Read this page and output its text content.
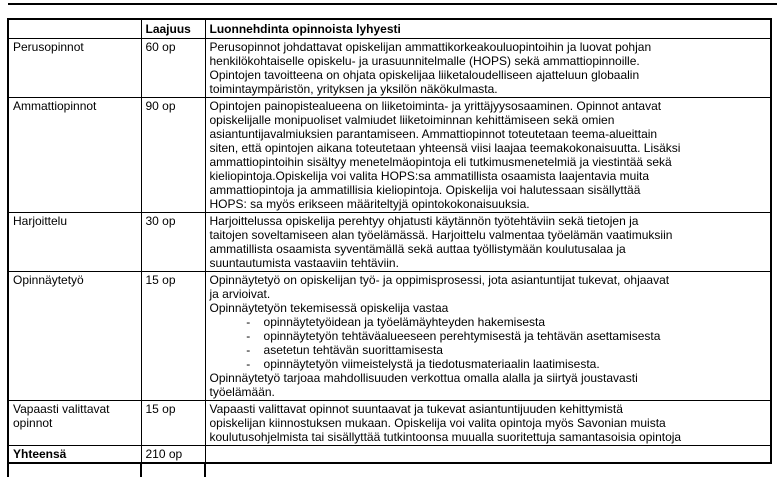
	Laajuus	Luonnehdinta opinnoista lyhyesti
Perusopinnot	60 op	Perusopinnot johdattavat opiskelijan ammattikorkeakouluopintoihin ja luovat pohjan
henkilökohtaiselle opiskelu- ja urasuunnitelmalle (HOPS) sekä ammattiopinnoille.
Opintojen tavoitteena on ohjata opiskelijaa liiketaloudelliseen ajatteluun globaalin
toimintaympäristön, yrityksen ja yksilön näkökulmasta.

Ammattiopinnot	90 op	Opintojen painopistealueena on liiketoiminta- ja yrittäjyysosaaminen. Opinnot antavat
opiskelijalle monipuoliset valmiudet liiketoiminnan kehittämiseen sekä omien
asiantuntijavalmiuksien parantamiseen. Ammattiopinnot toteutetaan teema-alueittain
siten, että opintojen aikana toteutetaan yhteensä viisi laajaa teemakokonaisuutta. Lisäksi
ammattiopintoihin sisältyy menetelmäopintoja eli tutkimusmenetelmiä ja viestintää sekä
kieliopintoja.Opiskelija voi valita HOPS:sa ammatillista osaamista laajentavia muita
ammattiopintoja ja ammatillisia kieliopintoja. Opiskelija voi halutessaan sisällyttää
HOPS: sa myös erikseen määriteltyjä opintokokonaisuuksia.

Harjoittelu	30 op	Harjoittelussa opiskelija perehtyy ohjatusti käytännön työtehtäviin sekä tietojen ja
taitojen soveltamiseen alan työelämässä. Harjoittelu valmentaa työelämän vaatimuksiin
ammatillista osaamista syventämällä sekä auttaa työllistymään koulutusalaa ja
suuntautumista vastaaviin tehtäviin.

Opinnäytetyö	15 op	Opinnäytetyö on opiskelijan työ- ja oppimisprosessi, jota asiantuntijat tukevat, ohjaavat
ja arvioivat.
Opinnäytetyön tekemisessä opiskelija vastaa
-    opinnäytetyöidean ja työelämäyhteyden hakemisesta
-    opinnäytetyön tehtäväalueeseen perehtymisestä ja tehtävän asettamisesta
-    asetetun tehtävän suorittamisesta
-    opinnäytetyön viimeistelystä ja tiedotusmateriaalin laatimisesta.
Opinnäytetyö tarjoaa mahdollisuuden verkottua omalla alalla ja siirtyä joustavasti
työelämään.

Vapaasti valittavat opinnot	15 op	Vapaasti valittavat opinnot suuntaavat ja tukevat asiantuntijuuden kehittymistä
opiskelijan kiinnostuksen mukaan. Opiskelija voi valita opintoja myös Savonian muista
koulutusohjelmista tai sisällyttää tutkintoonsa muualla suoritettuja samantasoisia opintoja

Yhteensä	210 op	
